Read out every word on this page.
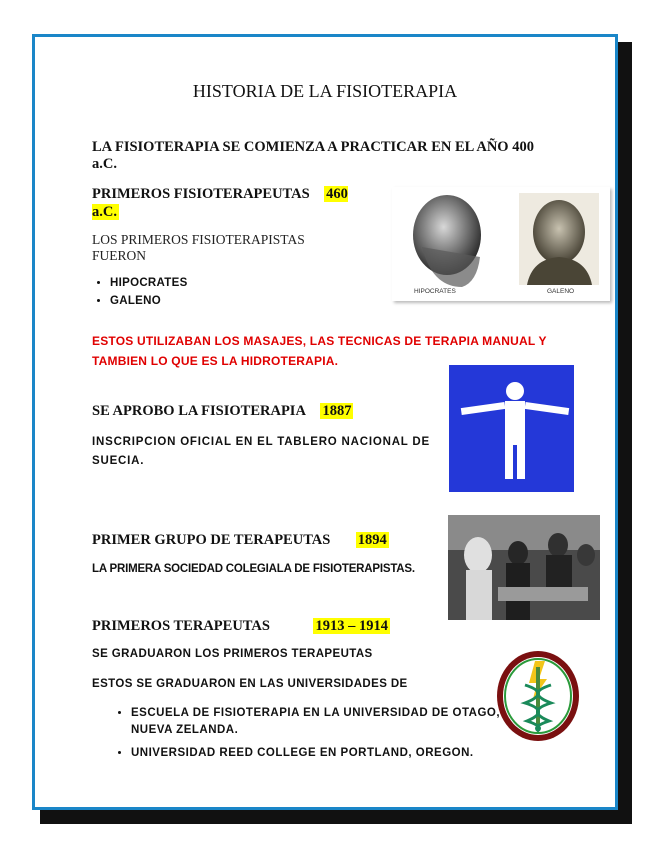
HISTORIA DE LA FISIOTERAPIA
LA FISIOTERAPIA SE COMIENZA A PRACTICAR EN EL AÑO 400 a.C.
PRIMEROS FISIOTERAPEUTAS 460 a.C.
LOS PRIMEROS FISIOTERAPISTAS FUERON
• HIPOCRATES
• GALENO
HIPOCRATES	GALENO
ESTOS UTILIZABAN LOS MASAJES, LAS TECNICAS DE TERAPIA MANUAL Y TAMBIEN LO QUE ES LA HIDROTERAPIA.
SE APROBO LA FISIOTERAPIA 1887
INSCRIPCION OFICIAL EN EL TABLERO NACIONAL DE SUECIA.
PRIMER GRUPO DE TERAPEUTAS 1894
LA PRIMERA SOCIEDAD COLEGIALA DE FISIOTERAPISTAS.
PRIMEROS TERAPEUTAS	1913 – 1914
SE GRADUARON LOS PRIMEROS TERAPEUTAS
ESTOS SE GRADUARON EN LAS UNIVERSIDADES DE
• ESCUELA DE FISIOTERAPIA EN LA UNIVERSIDAD DE OTAGO, NUEVA ZELANDA.
• UNIVERSIDAD REED COLLEGE EN PORTLAND, OREGON.
